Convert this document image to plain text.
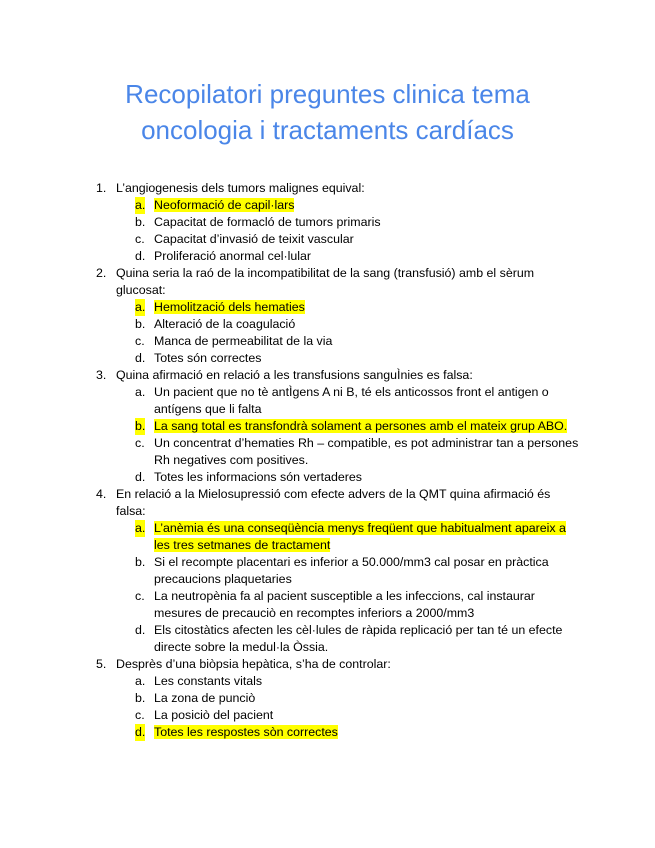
Recopilatori preguntes clinica tema
oncologia i tractaments cardíacs
1. L’angiogenesis dels tumors malignes equival:
a. Neoformació de capil·lars
b. Capacitat de formacló de tumors primaris
c. Capacitat d’invasió de teixit vascular
d. Proliferació anormal cel·lular
2. Quina seria la raó de la incompatibilitat de la sang (transfusió) amb el sèrum glucosat:
a. Hemolització dels hematies
b. Alteració de la coagulació
c. Manca de permeabilitat de la via
d. Totes són correctes
3. Quina afirmació en relació a les transfusions sanguÌnies es falsa:
a. Un pacient que no tè antÌgens A ni B, té els anticossos front el antigen o antígens que li falta
b. La sang total es transfondrà solament a persones amb el mateix grup ABO.
c. Un concentrat d’hematies Rh – compatible, es pot administrar tan a persones Rh negatives com positives.
d. Totes les informacions són vertaderes
4. En relació a la Mielosupressió com efecte advers de la QMT quina afirmació és falsa:
a. L’anèmia és una conseqüència menys freqüent que habitualment apareix a les tres setmanes de tractament
b. Si el recompte placentari es inferior a 50.000/mm3 cal posar en pràctica precaucions plaquetaries
c. La neutropènia fa al pacient susceptible a les infeccions, cal instaurar mesures de precauciò en recomptes inferiors a 2000/mm3
d. Els citostàtics afecten les cèl·lules de ràpida replicació per tan té un efecte directe sobre la medul·la Òssia.
5. Desprès d’una biòpsia hepàtica, s’ha de controlar:
a. Les constants vitals
b. La zona de punciò
c. La posiciò del pacient
d. Totes les respostes sòn correctes
